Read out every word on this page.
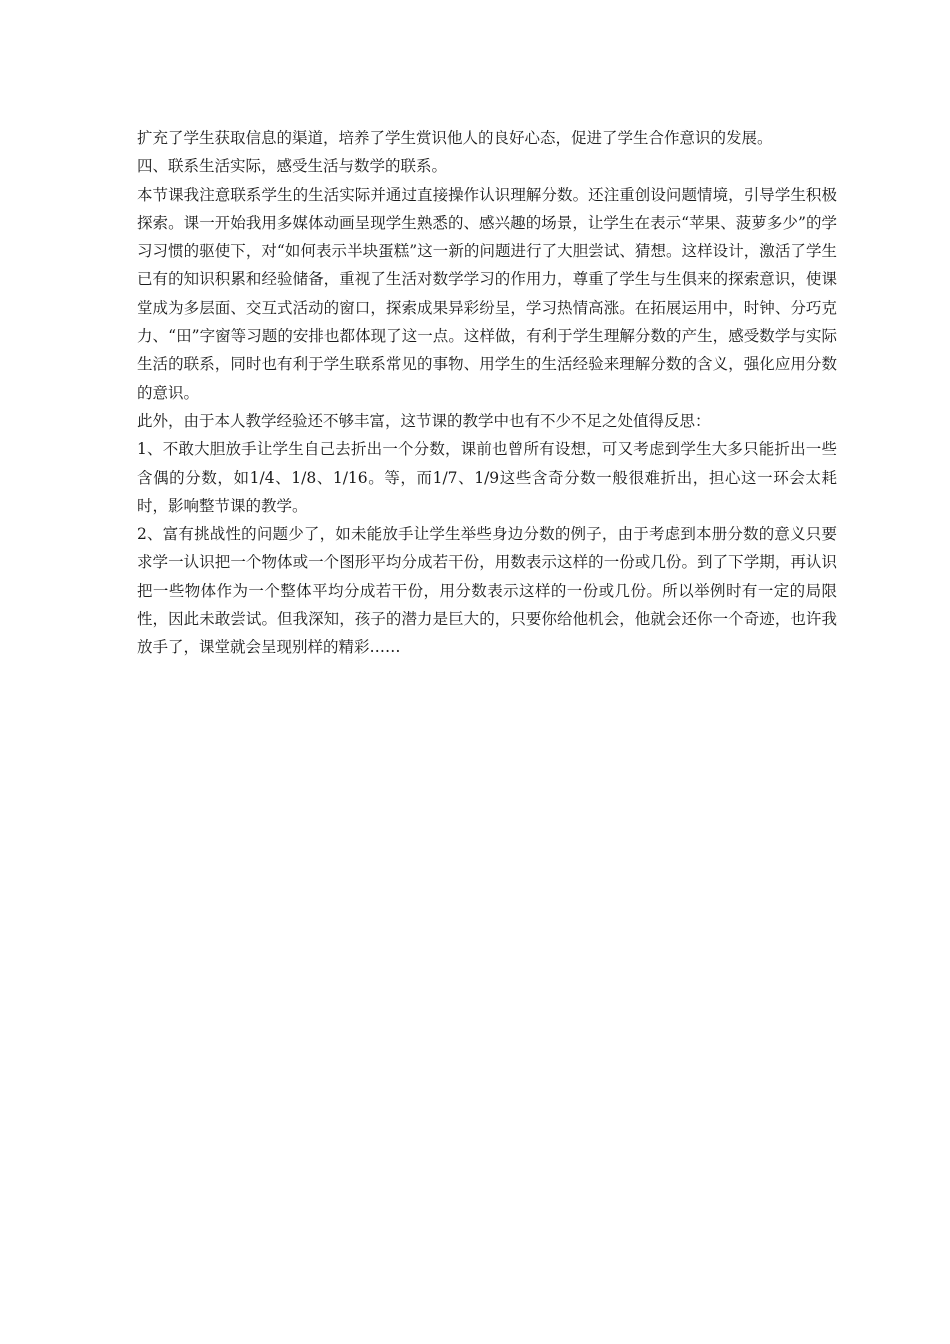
扩充了学生获取信息的渠道，培养了学生赏识他人的良好心态，促进了学生合作意识的发展。

四、联系生活实际，感受生活与数学的联系。

本节课我注意联系学生的生活实际并通过直接操作认识理解分数。还注重创设问题情境，引导学生积极探索。课一开始我用多媒体动画呈现学生熟悉的、感兴趣的场景，让学生在表示“苹果、菠萝多少”的学习习惯的驱使下，对“如何表示半块蛋糕”这一新的问题进行了大胆尝试、猜想。这样设计，激活了学生已有的知识积累和经验储备，重视了生活对数学学习的作用力，尊重了学生与生俱来的探索意识，使课堂成为多层面、交互式活动的窗口，探索成果异彩纷呈，学习热情高涨。在拓展运用中，时钟、分巧克力、“田”字窗等习题的安排也都体现了这一点。这样做，有利于学生理解分数的产生，感受数学与实际生活的联系，同时也有利于学生联系常见的事物、用学生的生活经验来理解分数的含义，强化应用分数的意识。

此外，由于本人教学经验还不够丰富，这节课的教学中也有不少不足之处值得反思：

1、不敢大胆放手让学生自己去折出一个分数，课前也曾所有设想，可又考虑到学生大多只能折出一些含偶的分数，如1/4、1/8、1/16。等，而1/7、1/9这些含奇分数一般很难折出，担心这一环会太耗时，影响整节课的教学。

2、富有挑战性的问题少了，如未能放手让学生举些身边分数的例子，由于考虑到本册分数的意义只要求学一认识把一个物体或一个图形平均分成若干份，用数表示这样的一份或几份。到了下学期，再认识把一些物体作为一个整体平均分成若干份，用分数表示这样的一份或几份。所以举例时有一定的局限性，因此未敢尝试。但我深知，孩子的潜力是巨大的，只要你给他机会，他就会还你一个奇迹，也许我放手了，课堂就会呈现别样的精彩……
